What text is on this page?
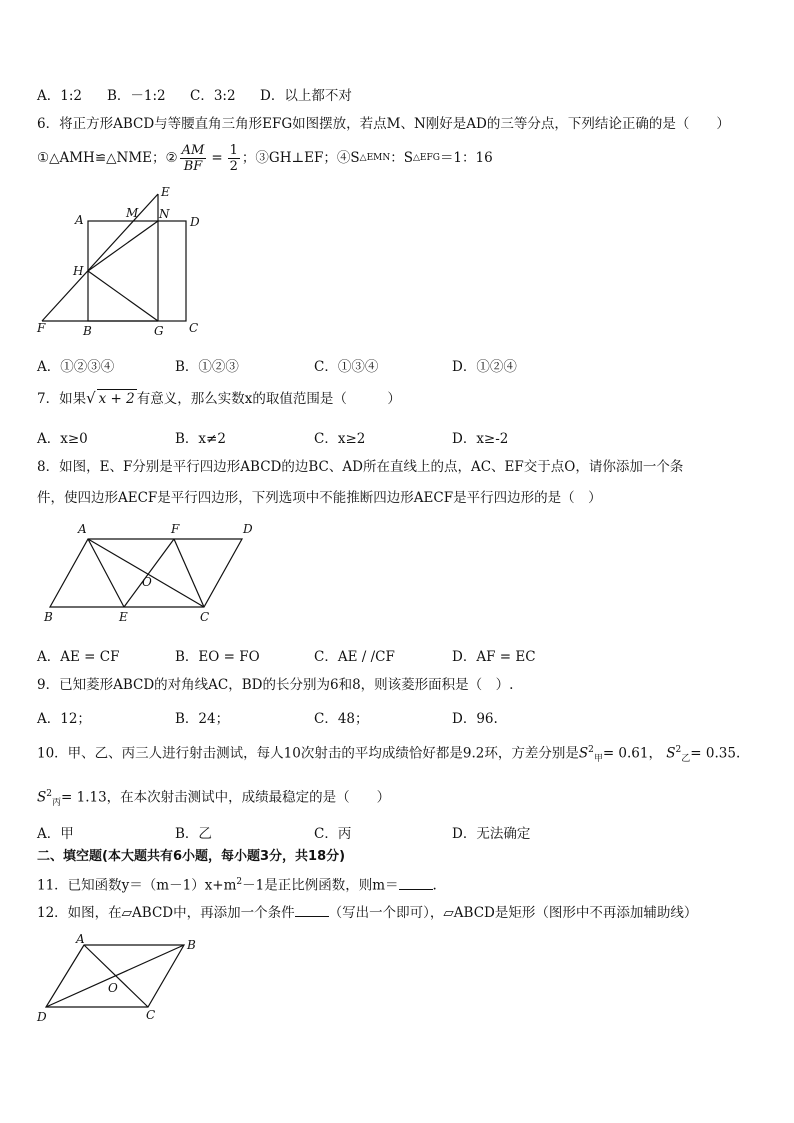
A．1:2 B．－1:2 C．3:2 D．以上都不对
6．将正方形ABCD与等腰直角三角形EFG如图摆放，若点M、N刚好是AD的三等分点，下列结论正确的是（　　）
①△AMH≌△NME；② $\frac{AM}{BF} = \frac{1}{2}$ ；③GH⊥EF；④S △EMN ：S △EFG ＝1：16
E
A	M N
D
H
F	B	G C
A．①②③④	B．①②③	C．①③④	D．①②④
7．如果√ x + 2 有意义，那么实数x的取值范围是（　　　）
A．x≥0	B．x≠2	C．x≥2	D．x≥-2
8．如图，E、F分别是平行四边形ABCD的边BC、AD所在直线上的点，AC、EF交于点O，请你添加一个条
件，使四边形AECF是平行四边形，下列选项中不能推断四边形AECF是平行四边形的是（　）
A	F	D
O
B	E	C
A．AE = CF	B．EO = FO	C．AE / /CF	D．AF = EC
9．已知菱形ABCD的对角线AC，BD的长分别为6和8，则该菱形面积是（　）.
A．12；	B．24；	C．48；	D．96.
10．甲、乙、丙三人进行射击测试，每人10次射击的平均成绩恰好都是9.2环，方差分别是$S^2_甲= 0.61$， $S^2_乙= 0.35$.
$S^2_丙= 1.13$，在本次射击测试中，成绩最稳定的是（　　）
A．甲	B．乙	C．丙	D．无法确定
二、填空题(本大题共有6小题，每小题3分，共18分)
11．已知函数$y=(m-1)x+m^2-1$是正比例函数，则m＝	.
12．如图，在▱ABCD中，再添加一个条件	（写出一个即可），▱ABCD是矩形（图形中不再添加辅助线）
A	B
O
D	C
